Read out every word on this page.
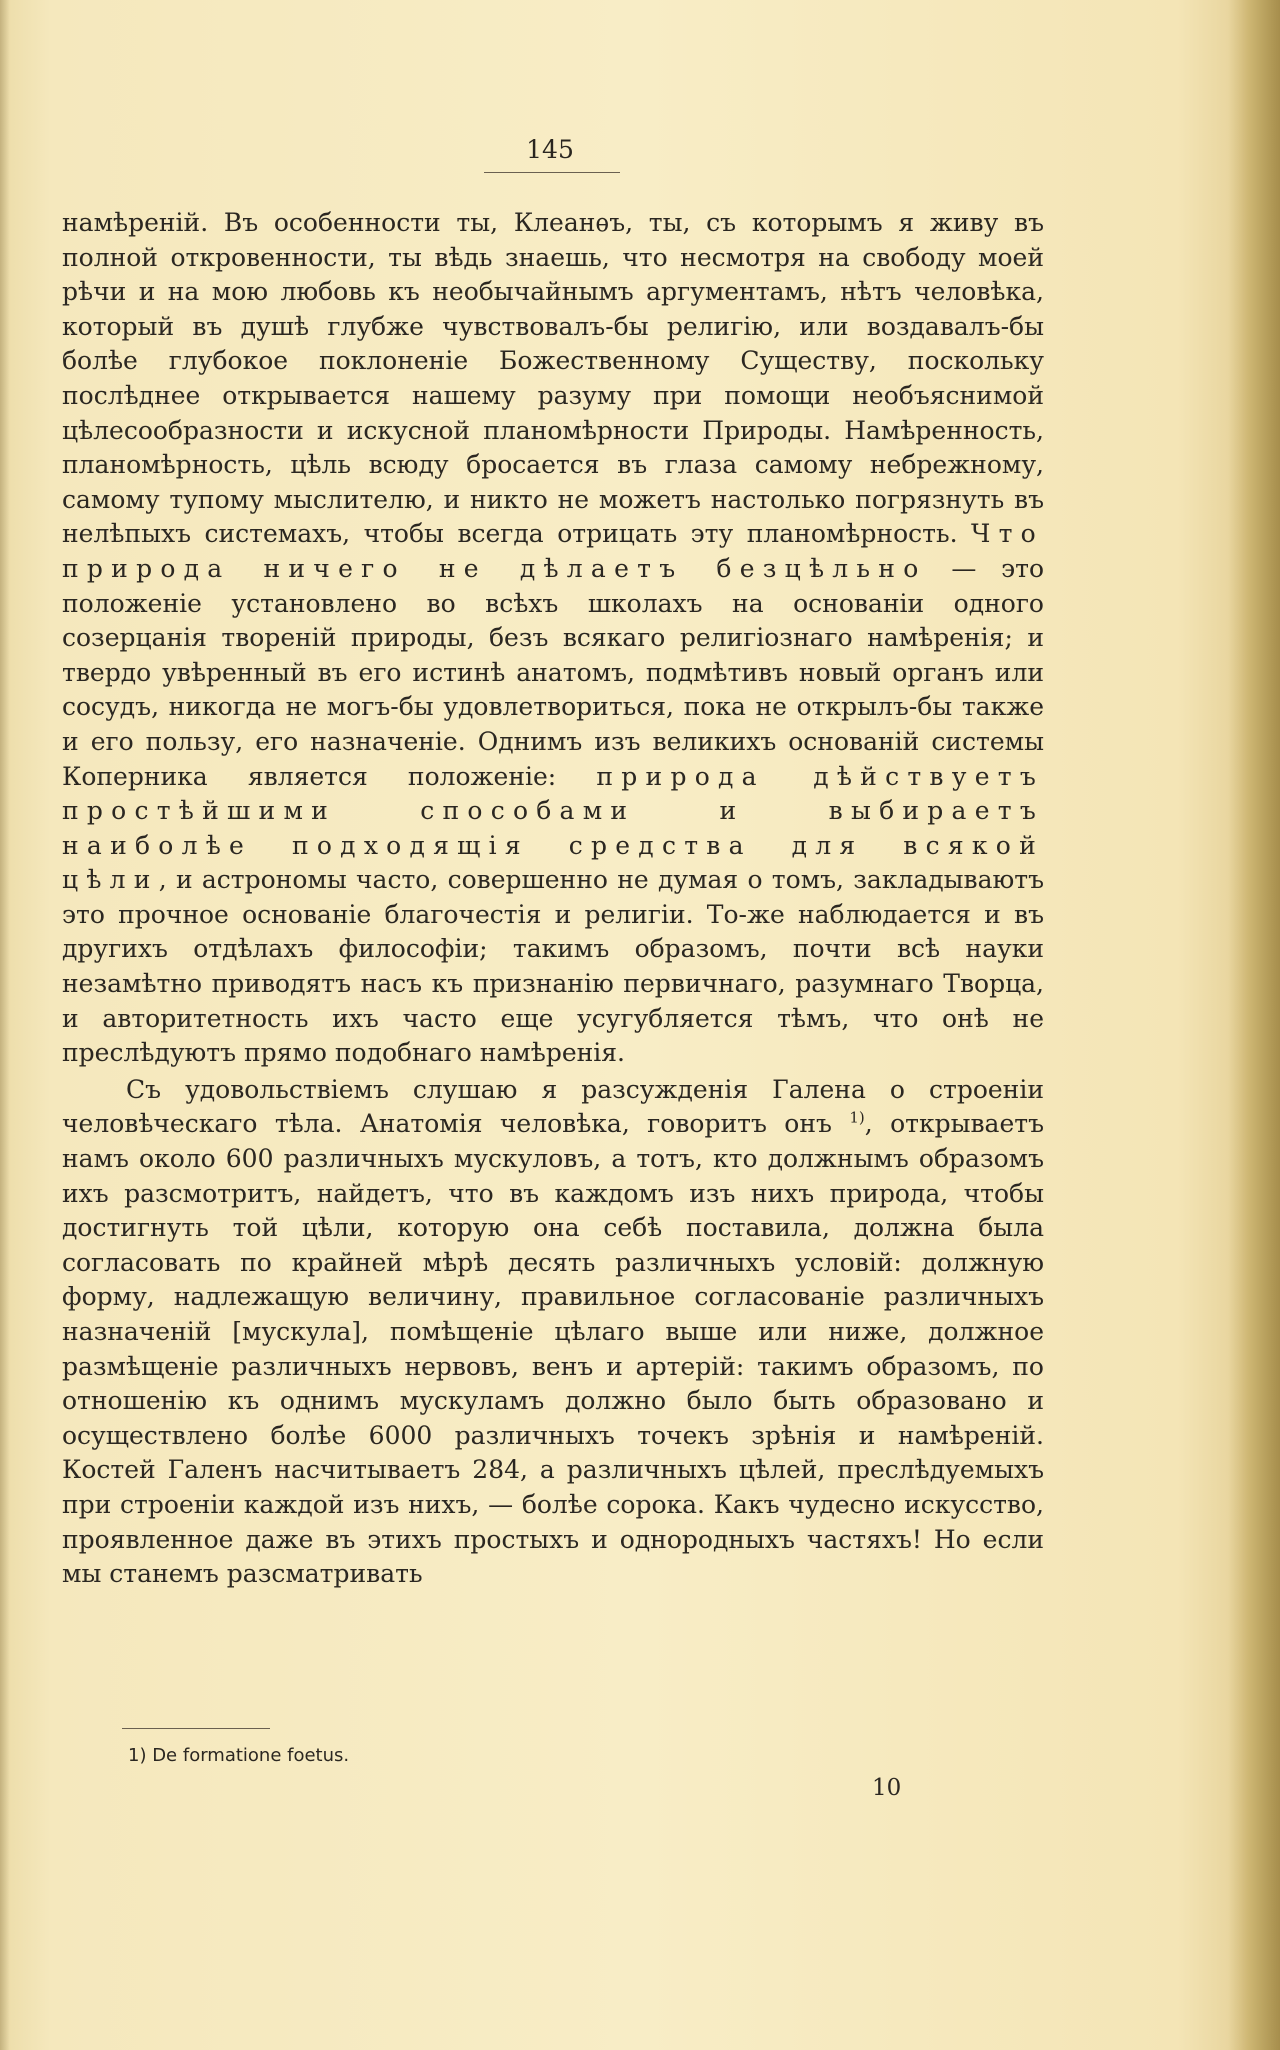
145

намѣреній. Въ особенности ты, Клеанѳъ, ты, съ которымъ я живу въ полной откровенности, ты вѣдь знаешь, что несмотря на свободу моей рѣчи и на мою любовь къ необычайнымъ аргументамъ, нѣтъ человѣка, который въ душѣ глубже чувствовалъ-бы религію, или воздавалъ-бы болѣе глубокое поклоненіе Божественному Существу, поскольку послѣднее открывается нашему разуму при помощи необъяснимой цѣлесообразности и искусной планомѣрности Природы. Намѣренность, планомѣрность, цѣль всюду бросается въ глаза самому небрежному, самому тупому мыслителю, и никто не можетъ настолько погрязнуть въ нелѣпыхъ системахъ, чтобы всегда отрицать эту планомѣрность. Что природа ничего не дѣлаетъ безцѣльно — это положеніе установлено во всѣхъ школахъ на основаніи одного созерцанія твореній природы, безъ всякаго религіознаго намѣренія; и твердо увѣренный въ его истинѣ анатомъ, подмѣтивъ новый органъ или сосудъ, никогда не могъ-бы удовлетвориться, пока не открылъ-бы также и его пользу, его назначеніе. Однимъ изъ великихъ основаній системы Коперника является положеніе: природа дѣйствуетъ простѣйшими способами и выбираетъ наиболѣе подходящія средства для всякой цѣли, и астрономы часто, совершенно не думая о томъ, закладываютъ это прочное основаніе благочестія и религіи. То-же наблюдается и въ другихъ отдѣлахъ философіи; такимъ образомъ, почти всѣ науки незамѣтно приводятъ насъ къ признанію первичнаго, разумнаго Творца, и авторитетность ихъ часто еще усугубляется тѣмъ, что онѣ не преслѣдуютъ прямо подобнаго намѣренія.

Съ удовольствіемъ слушаю я разсужденія Галена о строеніи человѣческаго тѣла. Анатомія человѣка, говоритъ онъ $^{1)}$, открываетъ намъ около 600 различныхъ мускуловъ, а тотъ, кто должнымъ образомъ ихъ разсмотритъ, найдетъ, что въ каждомъ изъ нихъ природа, чтобы достигнуть той цѣли, которую она себѣ поставила, должна была согласовать по крайней мѣрѣ десять различныхъ условій: должную форму, надлежащую величину, правильное согласованіе различныхъ назначеній [мускула], помѣщеніе цѣлаго выше или ниже, должное размѣщеніе различныхъ нервовъ, венъ и артерій: такимъ образомъ, по отношенію къ однимъ мускуламъ должно было быть образовано и осуществлено болѣе 6000 различныхъ точекъ зрѣнія и намѣреній. Костей Галенъ насчитываетъ 284, а различныхъ цѣлей, преслѣдуемыхъ при строеніи каждой изъ нихъ, — болѣе сорока. Какъ чудесно искусство, проявленное даже въ этихъ простыхъ и однородныхъ частяхъ! Но если мы станемъ разсматривать

1) De formatione foetus.
10
